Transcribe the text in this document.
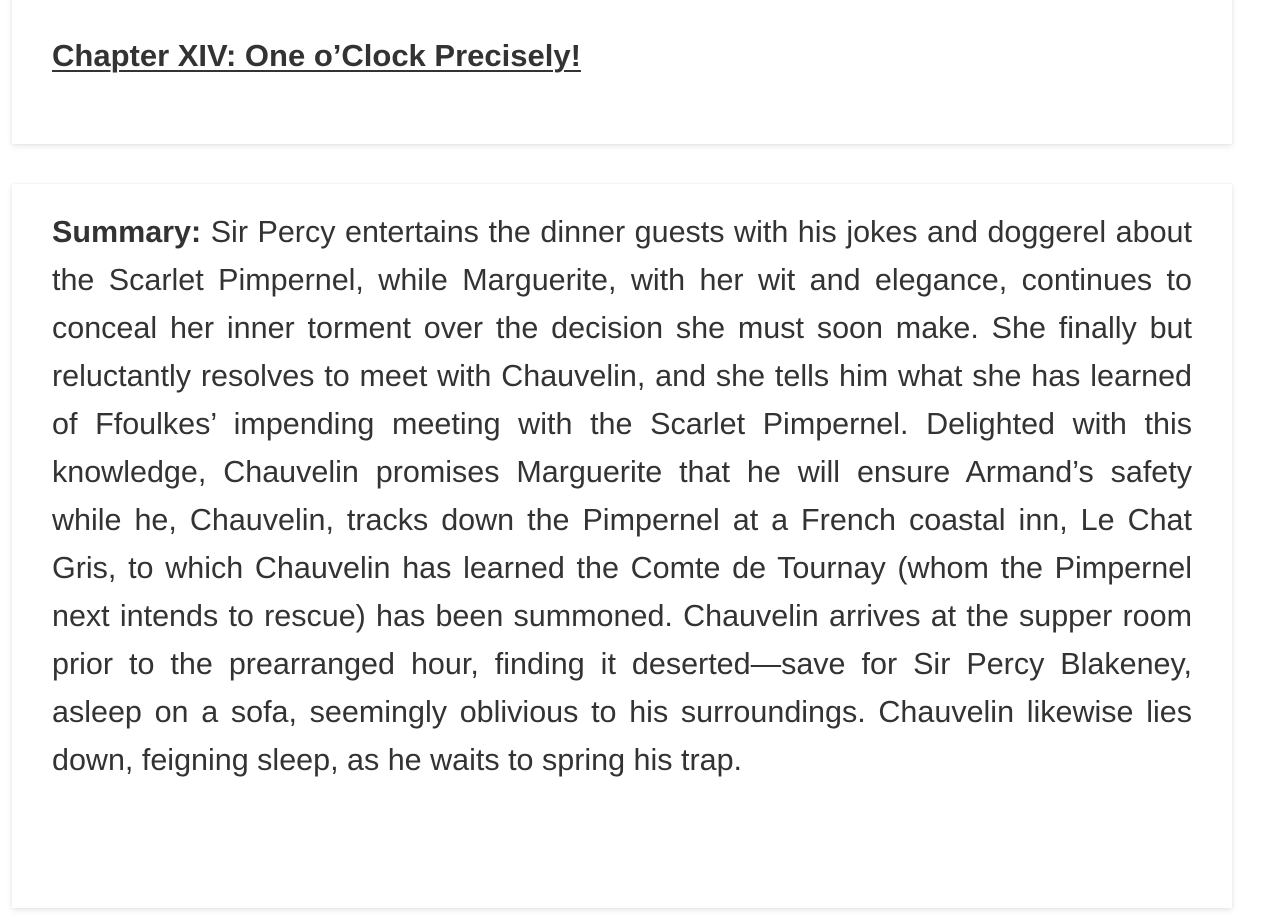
Chapter XIV: One o’Clock Precisely!

Summary: Sir Percy entertains the dinner guests with his jokes and doggerel about the Scarlet Pimpernel, while Marguerite, with her wit and elegance, continues to conceal her inner torment over the decision she must soon make. She finally but reluctantly resolves to meet with Chauvelin, and she tells him what she has learned of Ffoulkes’ impending meeting with the Scarlet Pimpernel. Delighted with this knowledge, Chauvelin promises Marguerite that he will ensure Armand’s safety while he, Chauvelin, tracks down the Pimpernel at a French coastal inn, Le Chat Gris, to which Chauvelin has learned the Comte de Tournay (whom the Pimpernel next intends to rescue) has been summoned. Chauvelin arrives at the supper room prior to the prearranged hour, finding it deserted—save for Sir Percy Blakeney, asleep on a sofa, seemingly oblivious to his surroundings. Chauvelin likewise lies down, feigning sleep, as he waits to spring his trap.
